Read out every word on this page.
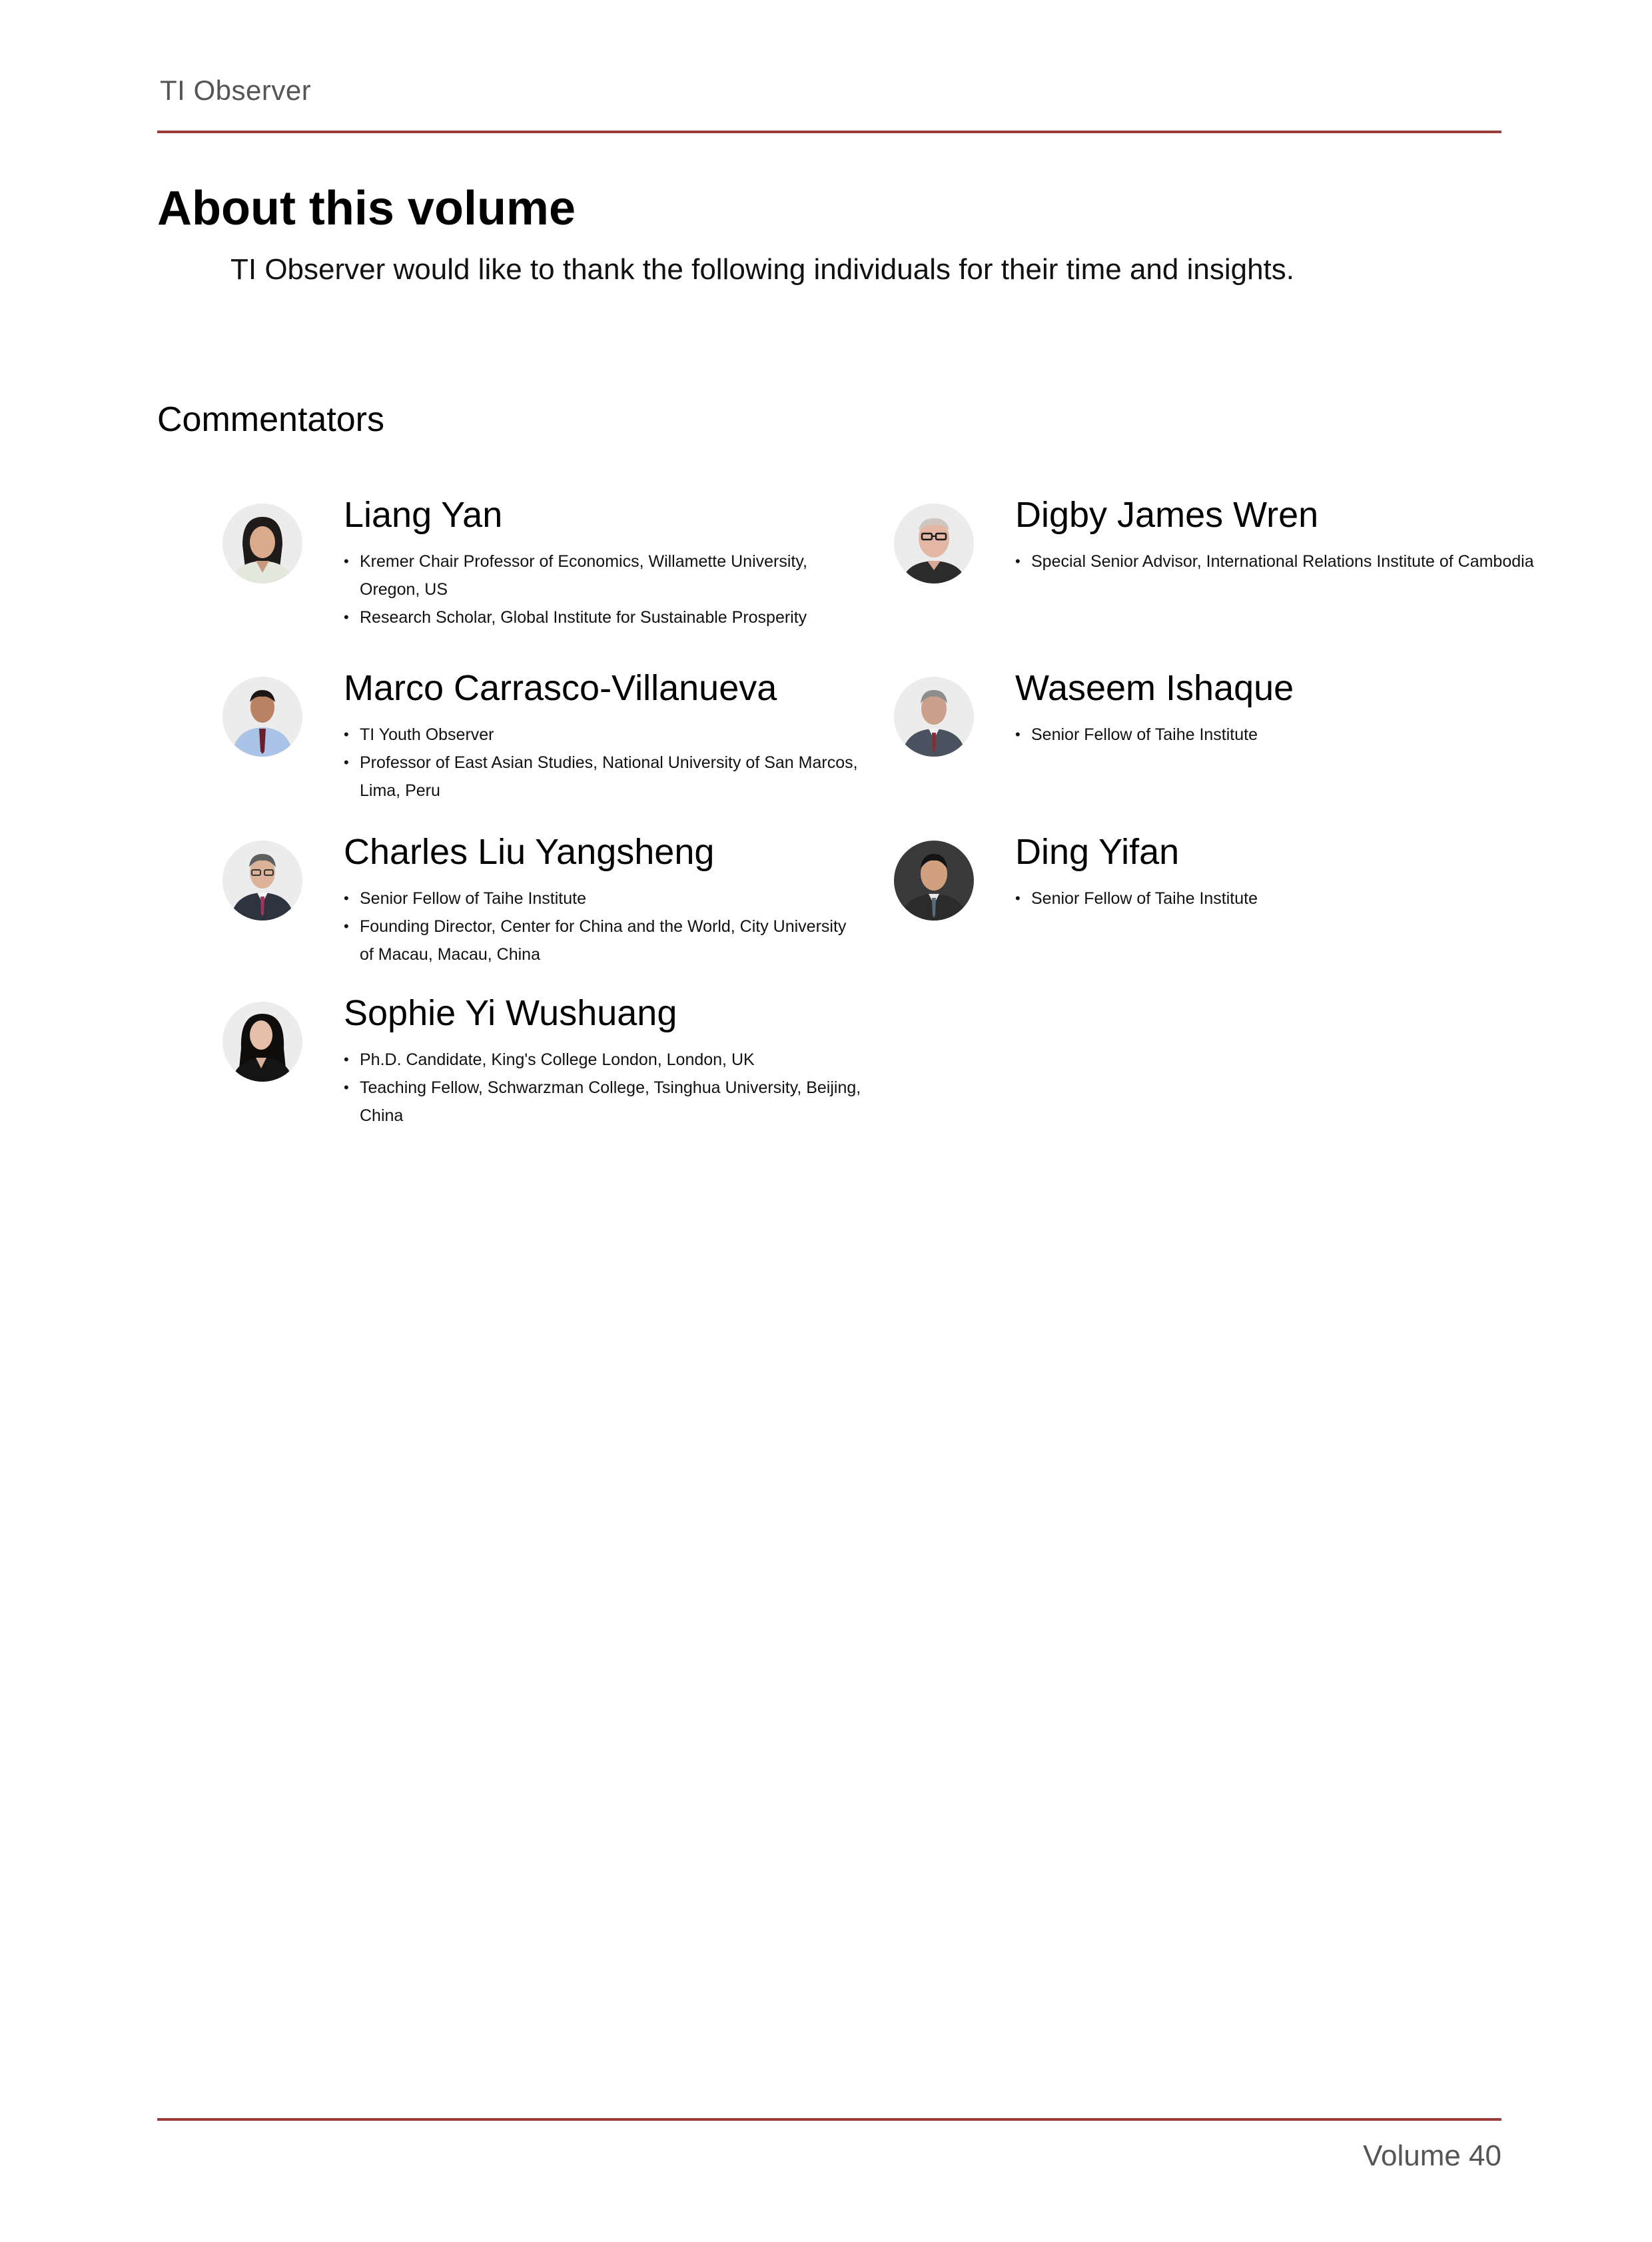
TI Observer
About this volume
TI Observer would like to thank the following individuals for their time and insights.
Commentators
Liang Yan
• Kremer Chair Professor of Economics, Willamette University, Oregon, US
• Research Scholar, Global Institute for Sustainable Prosperity
Digby James Wren
• Special Senior Advisor, International Relations Institute of Cambodia
Marco Carrasco-Villanueva
• TI Youth Observer
• Professor of East Asian Studies, National University of San Marcos, Lima, Peru
Waseem Ishaque
• Senior Fellow of Taihe Institute
Charles Liu Yangsheng
• Senior Fellow of Taihe Institute
• Founding Director, Center for China and the World, City University of Macau, Macau, China
Ding Yifan
• Senior Fellow of Taihe Institute
Sophie Yi Wushuang
• Ph.D. Candidate, King's College London, London, UK
• Teaching Fellow, Schwarzman College, Tsinghua University, Beijing, China
Volume 40
